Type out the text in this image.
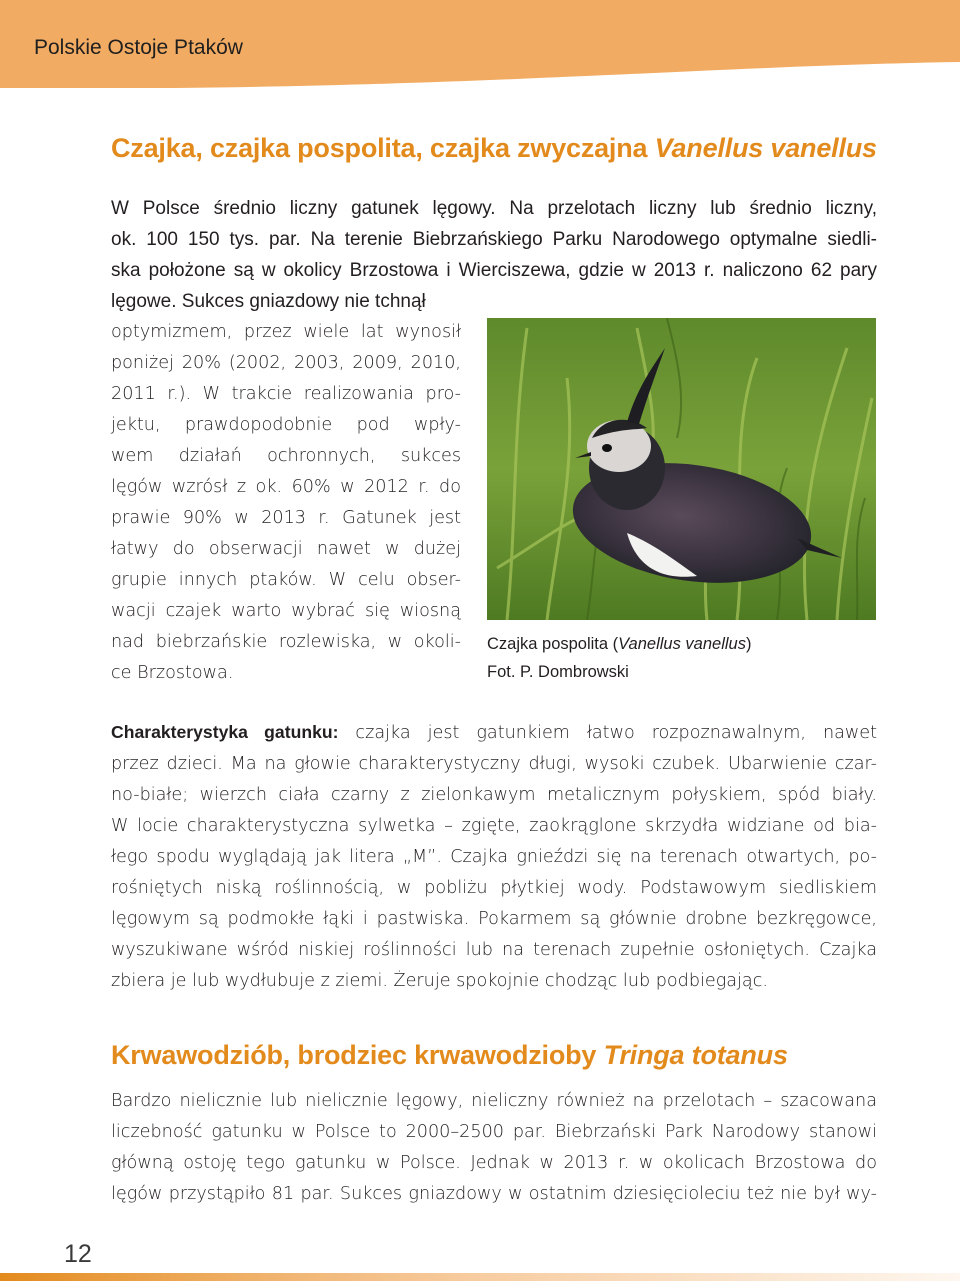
Polskie Ostoje Ptaków
Czajka, czajka pospolita, czajka zwyczajna Vanellus vanellus
W Polsce średnio liczny gatunek lęgowy. Na przelotach liczny lub średnio liczny,
ok. 100 150 tys. par. Na terenie Biebrzańskiego Parku Narodowego optymalne siedli-
ska położone są w okolicy Brzostowa i Wierciszewa, gdzie w 2013 r. naliczono 62 pary
lęgowe. Sukces gniazdowy nie tchnął
optymizmem, przez wiele lat wynosił
poniżej 20% (2002, 2003, 2009, 2010,
2011 r.). W trakcie realizowania pro-
jektu, prawdopodobnie pod wpły-
wem działań ochronnych, sukces
lęgów wzrósł z ok. 60% w 2012 r. do
prawie 90% w 2013 r. Gatunek jest
łatwy do obserwacji nawet w dużej
grupie innych ptaków. W celu obser-
wacji czajek warto wybrać się wiosną
nad biebrzańskie rozlewiska, w okoli-
ce Brzostowa.
Czajka pospolita (Vanellus vanellus)
Fot. P. Dombrowski
Charakterystyka gatunku: czajka jest gatunkiem łatwo rozpoznawalnym, nawet
przez dzieci. Ma na głowie charakterystyczny długi, wysoki czubek. Ubarwienie czar-
no-białe; wierzch ciała czarny z zielonkawym metalicznym połyskiem, spód biały.
W locie charakterystyczna sylwetka – zgięte, zaokrąglone skrzydła widziane od bia-
łego spodu wyglądają jak litera „M”. Czajka gnieździ się na terenach otwartych, po-
rośniętych niską roślinnością, w pobliżu płytkiej wody. Podstawowym siedliskiem
lęgowym są podmokłe łąki i pastwiska. Pokarmem są głównie drobne bezkręgowce,
wyszukiwane wśród niskiej roślinności lub na terenach zupełnie osłoniętych. Czajka
zbiera je lub wydłubuje z ziemi. Żeruje spokojnie chodząc lub podbiegając.
Krwawodziób, brodziec krwawodzioby Tringa totanus
Bardzo nielicznie lub nielicznie lęgowy, nieliczny również na przelotach – szacowana
liczebność gatunku w Polsce to 2000–2500 par. Biebrzański Park Narodowy stanowi
główną ostoję tego gatunku w Polsce. Jednak w 2013 r. w okolicach Brzostowa do
lęgów przystąpiło 81 par. Sukces gniazdowy w ostatnim dziesięcioleciu też nie był wy-
12
